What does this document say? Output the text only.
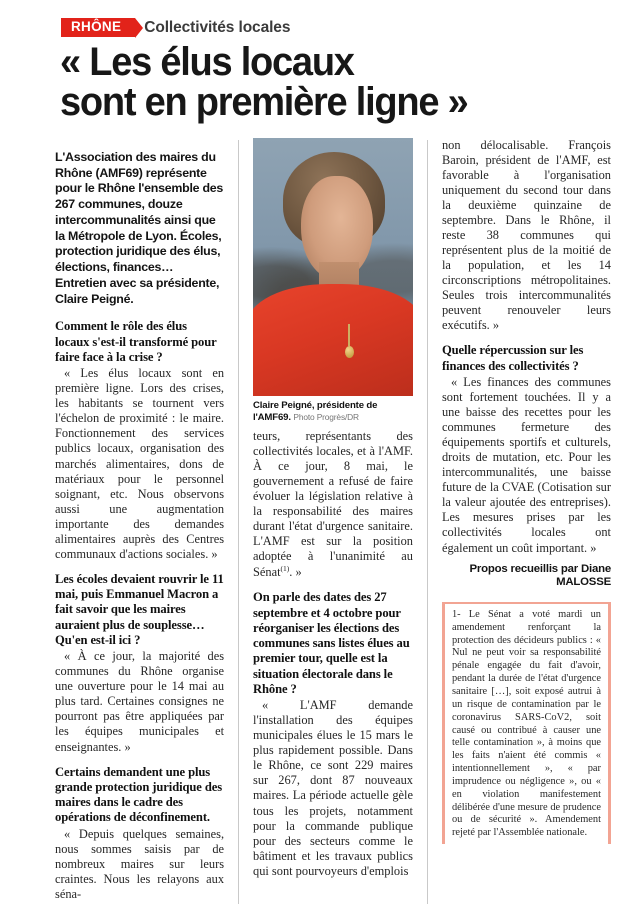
RHÔNE	Collectivités locales
« Les élus locaux
sont en première ligne »

L'Association des maires du Rhône (AMF69) représente pour le Rhône l'ensemble des 267 communes, douze intercommunalités ainsi que la Métropole de Lyon. Écoles, protection juridique des élus, élections, finances… Entretien avec sa présidente, Claire Peigné.

Comment le rôle des élus locaux s'est-il transformé pour faire face à la crise ?

« Les élus locaux sont en première ligne. Lors des crises, les habitants se tournent vers l'échelon de proximité : le maire. Fonctionnement des services publics locaux, organisation des marchés alimentaires, dons de matériaux pour le personnel soignant, etc. Nous observons aussi une augmentation importante des demandes alimentaires auprès des Centres communaux d'actions sociales. »

Les écoles devaient rouvrir le 11 mai, puis Emmanuel Macron a fait savoir que les maires auraient plus de souplesse… Qu'en est-il ici ?

« À ce jour, la majorité des communes du Rhône organise une ouverture pour le 14 mai au plus tard. Certaines consignes ne pourront pas être appliquées par les équipes municipales et enseignantes. »

Certains demandent une plus grande protection juridique des maires dans le cadre des opérations de déconfinement.

« Depuis quelques semaines, nous sommes saisis par de nombreux maires sur leurs craintes. Nous les relayons aux séna-

Claire Peigné, présidente de l'AMF69. Photo Progrès/DR

teurs, représentants des collectivités locales, et à l'AMF. À ce jour, 8 mai, le gouvernement a refusé de faire évoluer la législation relative à la responsabilité des maires durant l'état d'urgence sanitaire. L'AMF est sur la position adoptée à l'unanimité au Sénat$^{(1)}$. »

On parle des dates des 27 septembre et 4 octobre pour réorganiser les élections des communes sans listes élues au premier tour, quelle est la situation électorale dans le Rhône ?

« L'AMF demande l'installation des équipes municipales élues le 15 mars le plus rapidement possible. Dans le Rhône, ce sont 229 maires sur 267, dont 87 nouveaux maires. La période actuelle gèle tous les projets, notamment pour la commande publique pour des secteurs comme le bâtiment et les travaux publics qui sont pourvoyeurs d'emplois

non délocalisable. François Baroin, président de l'AMF, est favorable à l'organisation uniquement du second tour dans la deuxième quinzaine de septembre. Dans le Rhône, il reste 38 communes qui représentent plus de la moitié de la population, et les 14 circonscriptions métropolitaines. Seules trois intercommunalités peuvent renouveler leurs exécutifs. »

Quelle répercussion sur les finances des collectivités ?

« Les finances des communes sont fortement touchées. Il y a une baisse des recettes pour les communes fermeture des équipements sportifs et culturels, droits de mutation, etc. Pour les intercommunalités, une baisse future de la CVAE (Cotisation sur la valeur ajoutée des entreprises). Les mesures prises par les collectivités locales ont également un coût important. »

Propos recueillis par Diane
MALOSSE

1- Le Sénat a voté mardi un amendement renforçant la protection des décideurs publics : « Nul ne peut voir sa responsabilité pénale engagée du fait d'avoir, pendant la durée de l'état d'urgence sanitaire […], soit exposé autrui à un risque de contamination par le coronavirus SARS-CoV2, soit causé ou contribué à causer une telle contamination », à moins que les faits n'aient été commis « intentionnellement », « par imprudence ou négligence », ou « en violation manifestement délibérée d'une mesure de prudence ou de sécurité ». Amendement rejeté par l'Assemblée nationale.
